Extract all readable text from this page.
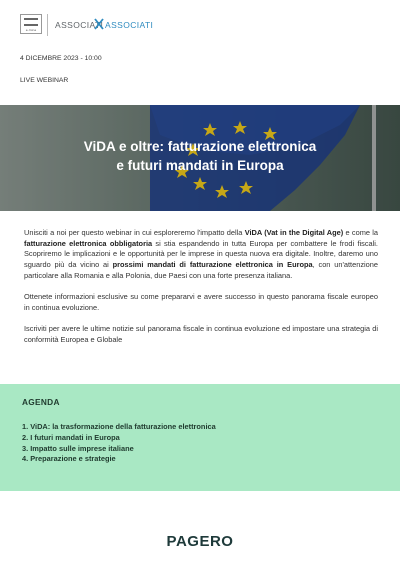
e-mine	ASSOCIATI ASSOCIATI
4 DICEMBRE 2023 - 10:00
LIVE WEBINAR
ViDA e oltre: fatturazione elettronica
e futuri mandati in Europa

Unisciti a noi per questo webinar in cui esploreremo l'impatto della ViDA (Vat in the Digital Age) e come la fatturazione elettronica obbligatoria si stia espandendo in tutta Europa per combattere le frodi fiscali. Scopriremo le implicazioni e le opportunità per le imprese in questa nuova era digitale. Inoltre, daremo uno sguardo più da vicino ai prossimi mandati di fatturazione elettronica in Europa, con un'attenzione particolare alla Romania e alla Polonia, due Paesi con una forte presenza italiana.

Ottenete informazioni esclusive su come prepararvi e avere successo in questo panorama fiscale europeo in continua evoluzione.

Iscriviti per avere le ultime notizie sul panorama fiscale in continua evoluzione ed impostare una strategia di conformità Europea e Globale

AGENDA
1. ViDA: la trasformazione della fatturazione elettronica
2. I futuri mandati in Europa
3. Impatto sulle imprese italiane
4. Preparazione e strategie
PAGERO
